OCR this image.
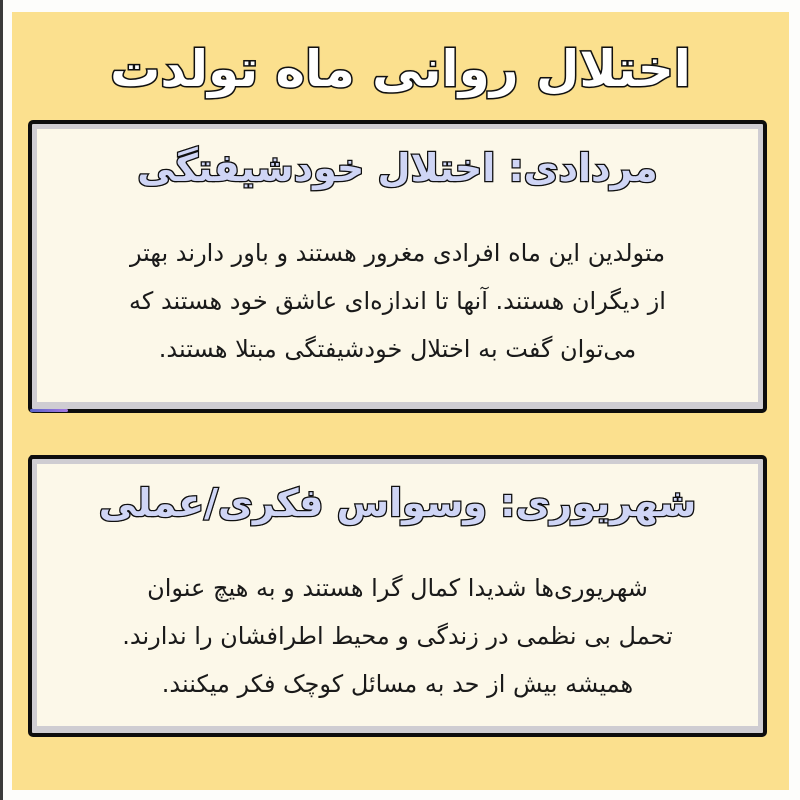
اختلال روانی ماه تولدت
مردادی: اختلال خودشیفتگی
متولدین این ماه افرادی مغرور هستند و باور دارند بهتر
از دیگران هستند. آنها تا اندازه‌ای عاشق خود هستند که
می‌توان گفت به اختلال خودشیفتگی مبتلا هستند.
شهریوری: وسواس فکری/عملی
شهریوری‌ها شدیدا کمال گرا هستند و به هیچ عنوان
تحمل بی نظمی در زندگی و محیط اطرافشان را ندارند.
همیشه بیش از حد به مسائل کوچک فکر میکنند.
